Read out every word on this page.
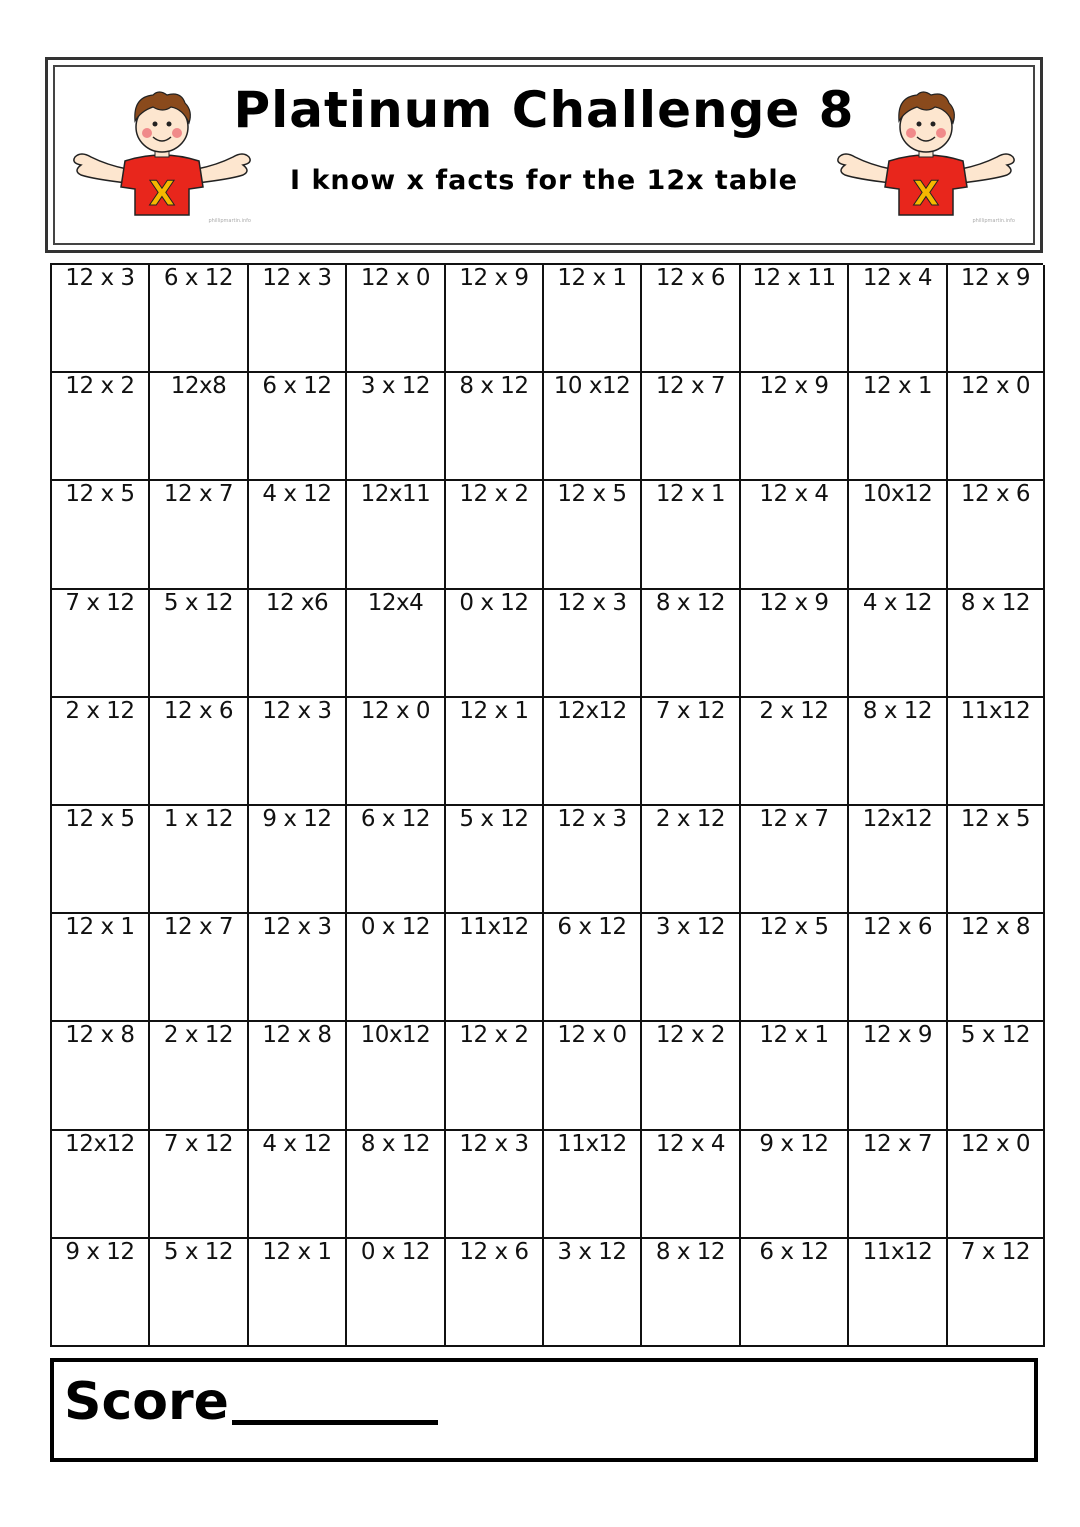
X
phillipmartin.info
Platinum Challenge 8
I know x facts for the 12x table	X
phillipmartin.info
12 x 3	6 x 12	12 x 3	12 x 0	12 x 9	12 x 1	12 x 6	12 x 11	12 x 4	12 x 9
12 x 2	12x8	6 x 12	3 x 12	8 x 12	10 x12	12 x 7	12 x 9	12 x 1	12 x 0
12 x 5	12 x 7	4 x 12	12x11	12 x 2	12 x 5	12 x 1	12 x 4	10x12	12 x 6
7 x 12	5 x 12	12 x6	12x4	0 x 12	12 x 3	8 x 12	12 x 9	4 x 12	8 x 12
2 x 12	12 x 6	12 x 3	12 x 0	12 x 1	12x12	7 x 12	2 x 12	8 x 12	11x12
12 x 5	1 x 12	9 x 12	6 x 12	5 x 12	12 x 3	2 x 12	12 x 7	12x12	12 x 5
12 x 1	12 x 7	12 x 3	0 x 12	11x12	6 x 12	3 x 12	12 x 5	12 x 6	12 x 8
12 x 8	2 x 12	12 x 8	10x12	12 x 2	12 x 0	12 x 2	12 x 1	12 x 9	5 x 12
12x12	7 x 12	4 x 12	8 x 12	12 x 3	11x12	12 x 4	9 x 12	12 x 7	12 x 0
9 x 12	5 x 12	12 x 1	0 x 12	12 x 6	3 x 12	8 x 12	6 x 12	11x12	7 x 12
Score
